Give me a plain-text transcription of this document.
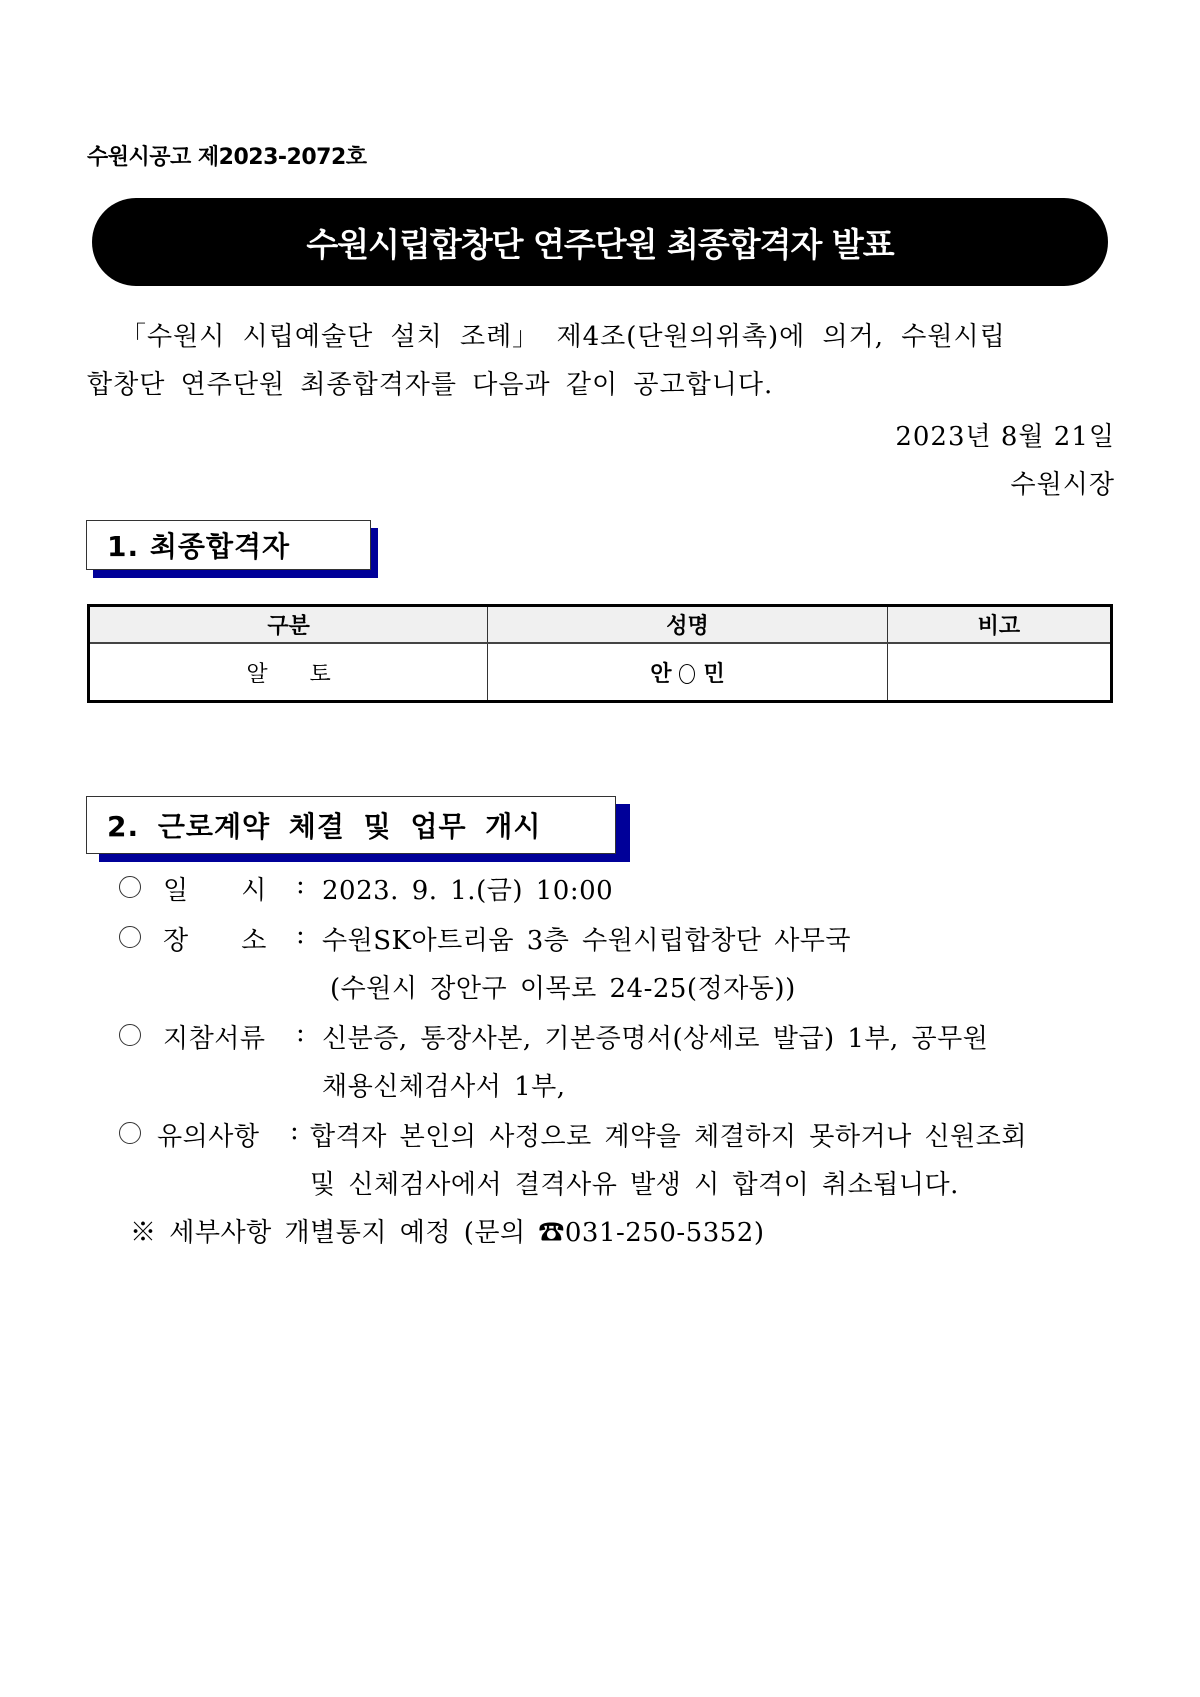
수원시공고 제2023-2072호
수원시립합창단 연주단원 최종합격자 발표
「수원시 시립예술단 설치 조례」 제4조(단원의위촉)에 의거, 수원시립
합창단 연주단원 최종합격자를 다음과 같이 공고합니다.
2023년 8월 21일
수원시장
1. 최종합격자
구분	성명	비고
알      토	안 민	
2. 근로계약 체결 및 업무 개시
일      시 : 2023. 9. 1.(금) 10:00
장      소 : 수원SK아트리움 3층 수원시립합창단 사무국
(수원시 장안구 이목로 24-25(정자동))
지참서류 : 신분증, 통장사본, 기본증명서(상세로 발급) 1부, 공무원
채용신체검사서 1부,
유의사항 : 합격자 본인의 사정으로 계약을 체결하지 못하거나 신원조회
및 신체검사에서 결격사유 발생 시 합격이 취소됩니다.
※ 세부사항 개별통지 예정 (문의 ☎031-250-5352)
